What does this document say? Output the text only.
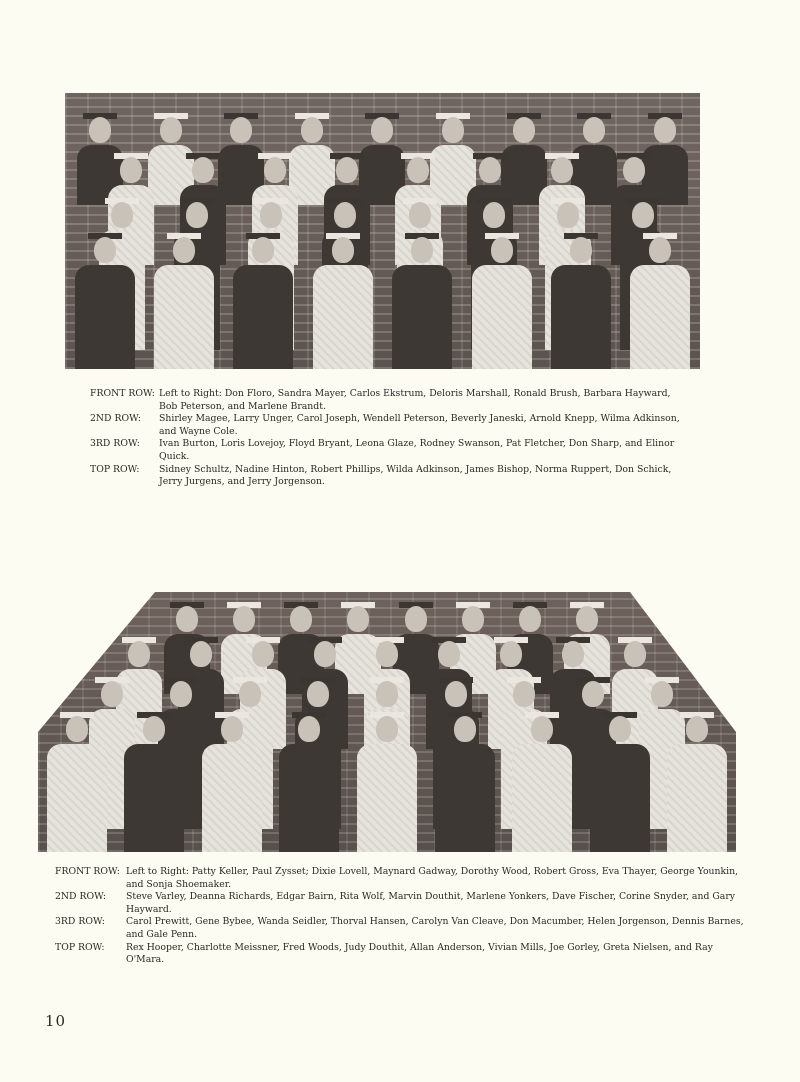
FRONT ROW: Left to Right: Don Floro, Sandra Mayer, Carlos Ekstrum, Deloris Marshall, Ronald Brush, Barbara Hayward, Bob Peterson, and Marlene Brandt.
2ND ROW:	Shirley Magee, Larry Unger, Carol Joseph, Wendell Peterson, Beverly Janeski, Arnold Knepp, Wilma Adkinson, and Wayne Cole.
3RD ROW:	Ivan Burton, Loris Lovejoy, Floyd Bryant, Leona Glaze, Rodney Swanson, Pat Fletcher, Don Sharp, and Elinor Quick.
TOP ROW:	Sidney Schultz, Nadine Hinton, Robert Phillips, Wilda Adkinson, James Bishop, Norma Ruppert, Don Schick, Jerry Jurgens, and Jerry Jorgenson.
FRONT ROW: Left to Right: Patty Keller, Paul Zysset; Dixie Lovell, Maynard Gadway, Dorothy Wood, Robert Gross, Eva Thayer, George Younkin, and Sonja Shoemaker.
2ND ROW:	Steve Varley, Deanna Richards, Edgar Bairn, Rita Wolf, Marvin Douthit, Marlene Yonkers, Dave Fischer, Corine Snyder, and Gary Hayward.
3RD ROW:	Carol Prewitt, Gene Bybee, Wanda Seidler, Thorval Hansen, Carolyn Van Cleave, Don Macumber, Helen Jorgenson, Dennis Barnes, and Gale Penn.
TOP ROW:	Rex Hooper, Charlotte Meissner, Fred Woods, Judy Douthit, Allan Anderson, Vivian Mills, Joe Gorley, Greta Nielsen, and Ray O'Mara.
10
